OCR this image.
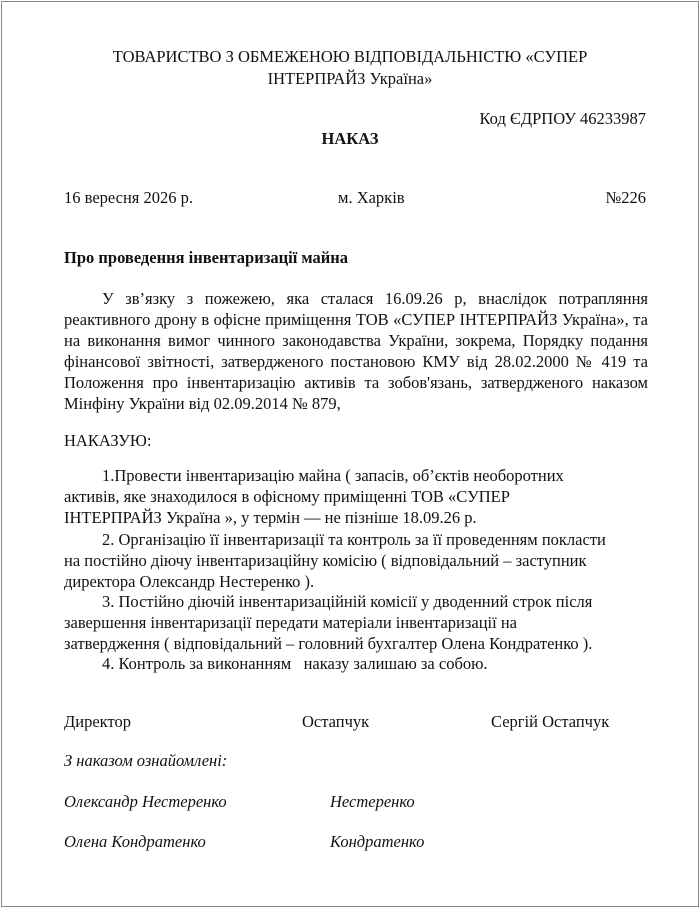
ТОВАРИСТВО З ОБМЕЖЕНОЮ ВІДПОВІДАЛЬНІСТЮ «СУПЕР
ІНТЕРПРАЙЗ Україна»
Код ЄДРПОУ 46233987
НАКАЗ
16 вересня 2026 р.	м. Харків	№226
Про проведення інвентаризації майна
У зв’язку з пожежею, яка сталася 16.09.26 р, внаслідок потрапляння реактивного дрону в офісне приміщення ТОВ «СУПЕР ІНТЕРПРАЙЗ Україна», та на виконання вимог чинного законодавства України, зокрема, Порядку подання фінансової звітності, затвердженого постановою КМУ від 28.02.2000 № 419 та Положення про інвентаризацію активів та зобов'язань, затвердженого наказом Мінфіну України від 02.09.2014 № 879,
НАКАЗУЮ:
1.Провести інвентаризацію майна ( запасів, об’єктів необоротних
активів, яке знаходилося в офісному приміщенні ТОВ «СУПЕР
ІНТЕРПРАЙЗ Україна », у термін — не пізніше 18.09.26 р.
2. Організацію її інвентаризації та контроль за її проведенням покласти
на постійно діючу інвентаризаційну комісію ( відповідальний – заступник
директора Олександр Нестеренко ).
3. Постійно діючій інвентаризаційній комісії у дводенний строк після
завершення інвентаризації передати матеріали інвентаризації на
затвердження ( відповідальний – головний бухгалтер Олена Кондратенко ).
4. Контроль за виконанням   наказу залишаю за собою.
Директор	Остапчук	Сергій Остапчук
З наказом ознайомлені:
Олександр Нестеренко	Нестеренко
Олена Кондратенко	Кондратенко
